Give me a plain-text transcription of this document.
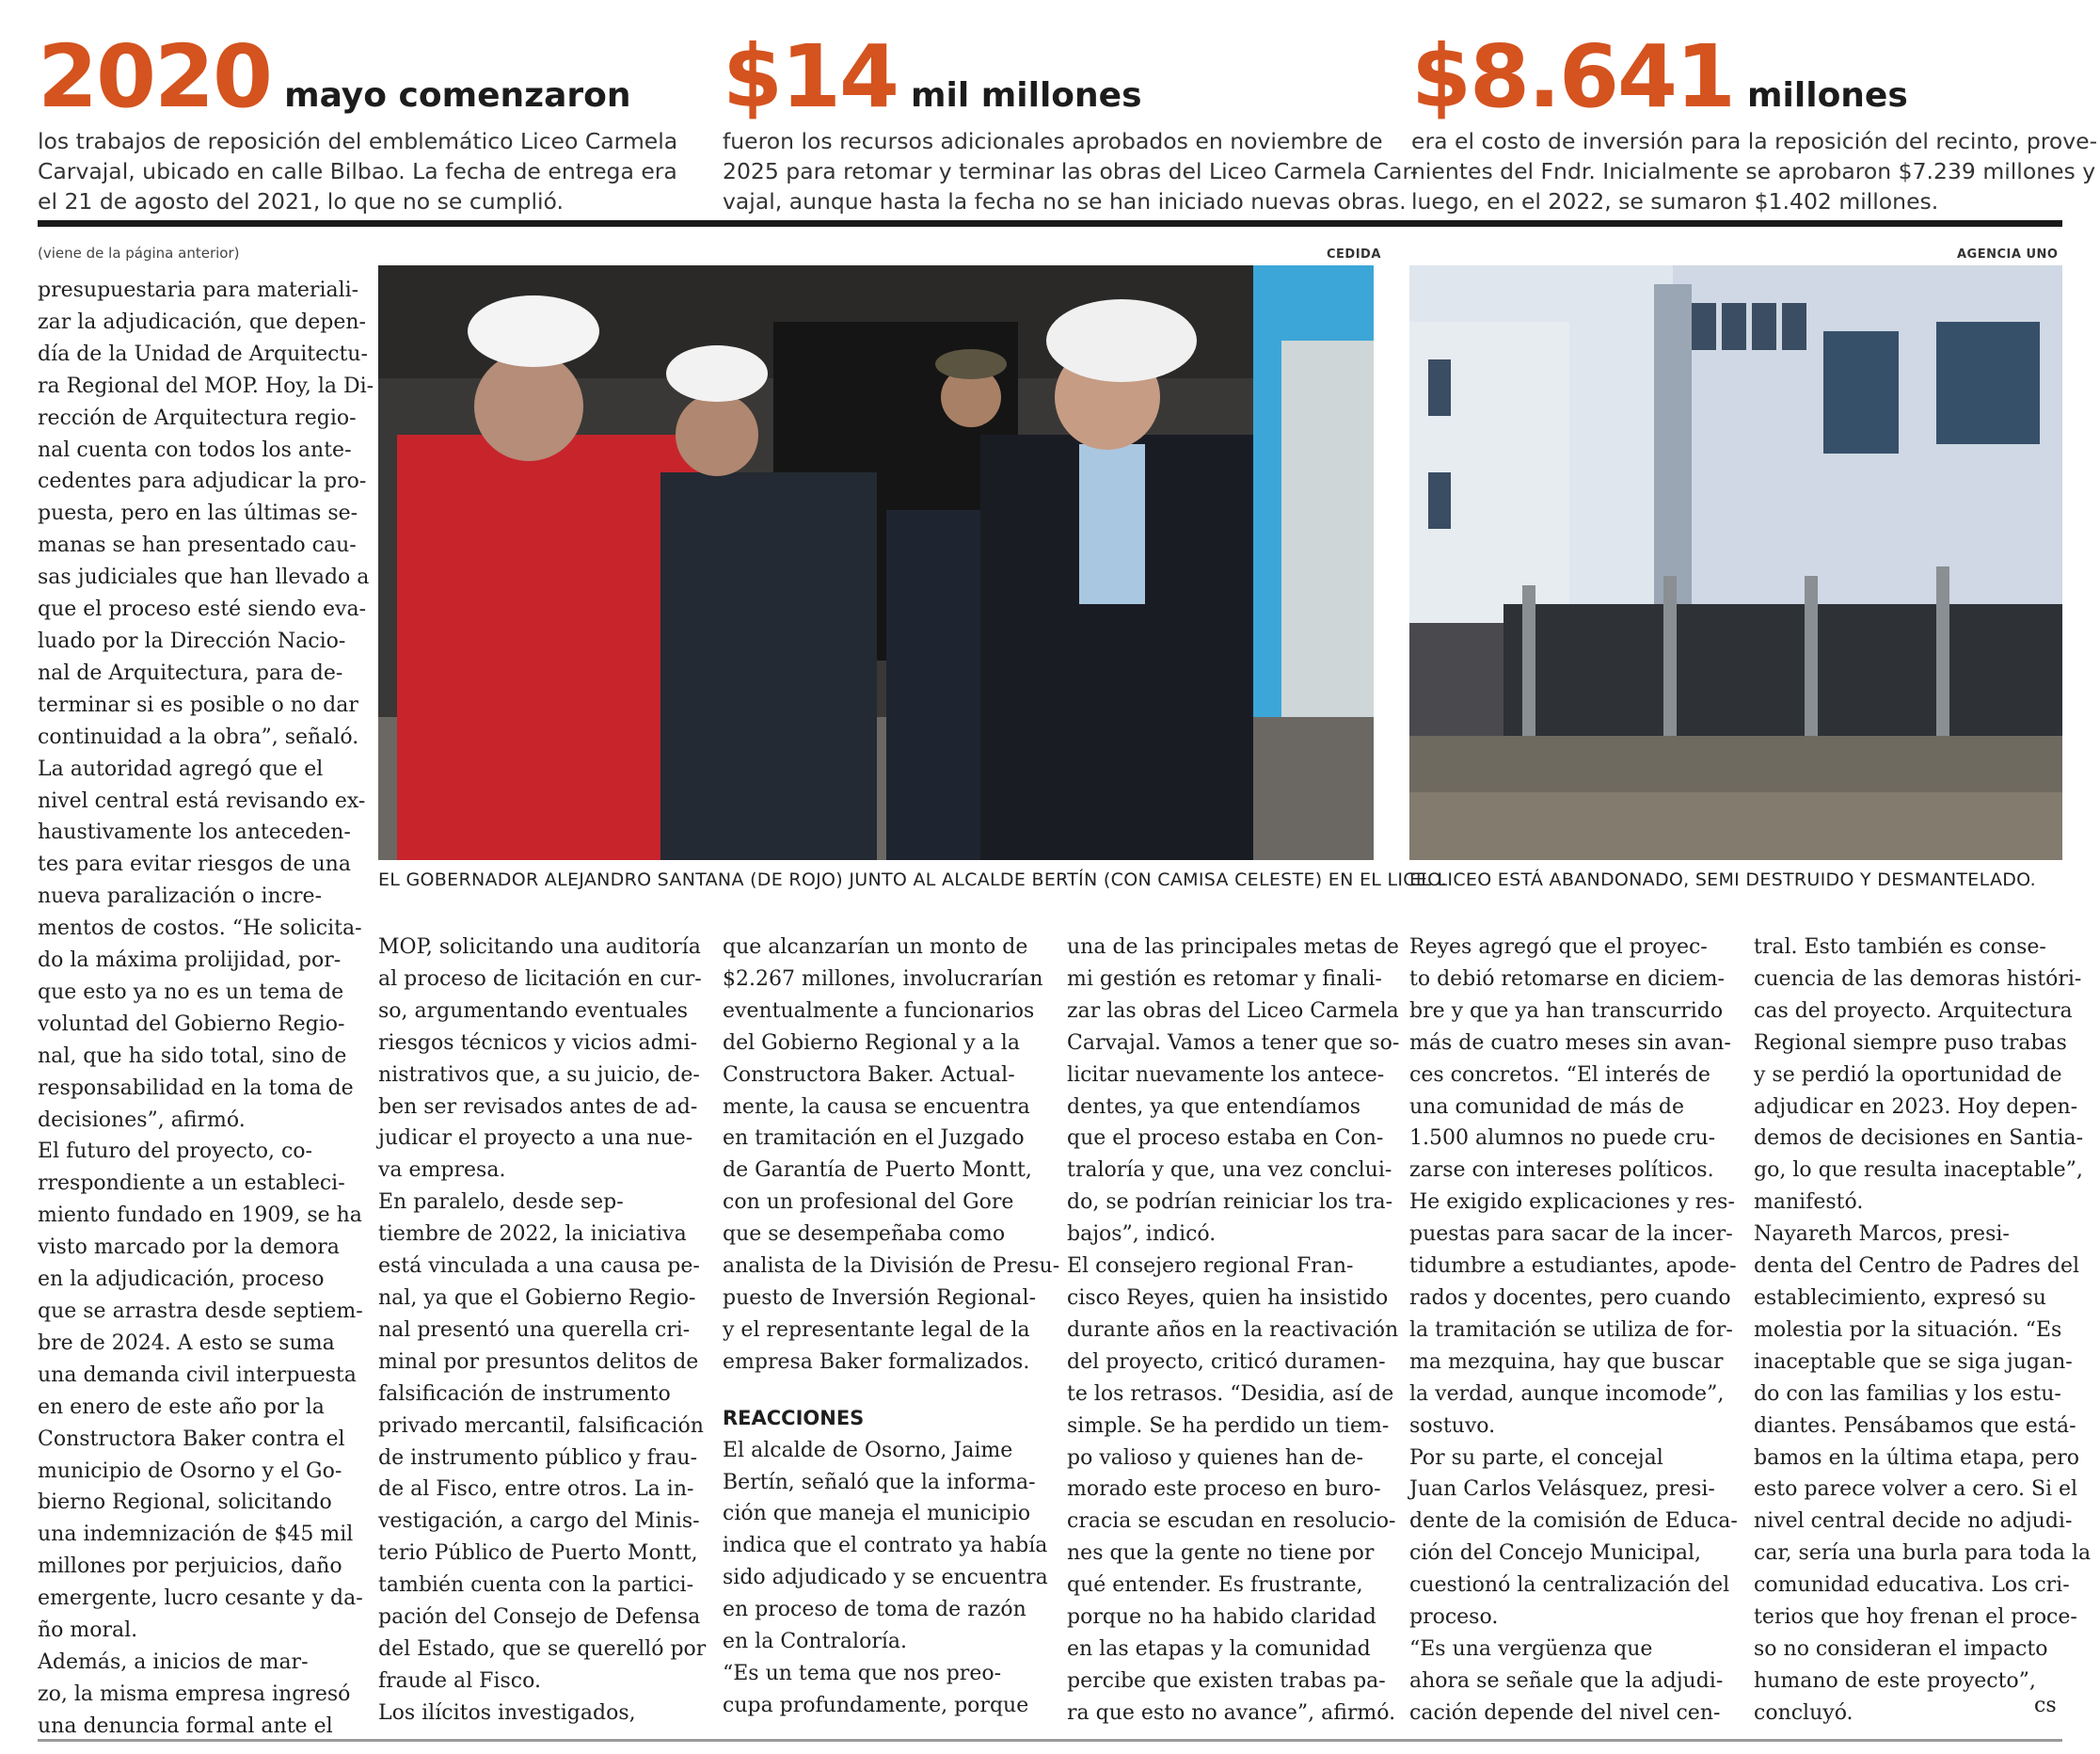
2020 mayo comenzaron
los trabajos de reposición del emblemático Liceo Carmela
Carvajal, ubicado en calle Bilbao. La fecha de entrega era
el 21 de agosto del 2021, lo que no se cumplió.
$14 mil millones
fueron los recursos adicionales aprobados en noviembre de
2025 para retomar y terminar las obras del Liceo Carmela Car-
vajal, aunque hasta la fecha no se han iniciado nuevas obras.
$8.641 millones
era el costo de inversión para la reposición del recinto, prove-
nientes del Fndr. Inicialmente se aprobaron $7.239 millones y
luego, en el 2022, se sumaron $1.402 millones.
(viene de la página anterior)	CEDIDA
EL GOBERNADOR ALEJANDRO SANTANA (DE ROJO) JUNTO AL ALCALDE BERTÍN (CON CAMISA CELESTE) EN EL LICEO.
AGENCIA UNO
EL LICEO ESTÁ ABANDONADO, SEMI DESTRUIDO Y DESMANTELADO.
presupuestaria para materiali-
zar la adjudicación, que depen-
día de la Unidad de Arquitectu-
ra Regional del MOP. Hoy, la Di-
rección de Arquitectura regio-
nal cuenta con todos los ante-
cedentes para adjudicar la pro-
puesta, pero en las últimas se-
manas se han presentado cau-
sas judiciales que han llevado a
que el proceso esté siendo eva-
luado por la Dirección Nacio-
nal de Arquitectura, para de-
terminar si es posible o no dar
continuidad a la obra”, señaló.
La autoridad agregó que el
nivel central está revisando ex-
haustivamente los anteceden-
tes para evitar riesgos de una
nueva paralización o incre-
mentos de costos. “He solicita-
do la máxima prolijidad, por-
que esto ya no es un tema de
voluntad del Gobierno Regio-
nal, que ha sido total, sino de
responsabilidad en la toma de
decisiones”, afirmó.
El futuro del proyecto, co-
rrespondiente a un estableci-
miento fundado en 1909, se ha
visto marcado por la demora
en la adjudicación, proceso
que se arrastra desde septiem-
bre de 2024. A esto se suma
una demanda civil interpuesta
en enero de este año por la
Constructora Baker contra el
municipio de Osorno y el Go-
bierno Regional, solicitando
una indemnización de $45 mil
millones por perjuicios, daño
emergente, lucro cesante y da-
ño moral.
Además, a inicios de mar-
zo, la misma empresa ingresó
una denuncia formal ante el
MOP, solicitando una auditoría
al proceso de licitación en cur-
so, argumentando eventuales
riesgos técnicos y vicios admi-
nistrativos que, a su juicio, de-
ben ser revisados antes de ad-
judicar el proyecto a una nue-
va empresa.
En paralelo, desde sep-
tiembre de 2022, la iniciativa
está vinculada a una causa pe-
nal, ya que el Gobierno Regio-
nal presentó una querella cri-
minal por presuntos delitos de
falsificación de instrumento
privado mercantil, falsificación
de instrumento público y frau-
de al Fisco, entre otros. La in-
vestigación, a cargo del Minis-
terio Público de Puerto Montt,
también cuenta con la partici-
pación del Consejo de Defensa
del Estado, que se querelló por
fraude al Fisco.
Los ilícitos investigados,
que alcanzarían un monto de
$2.267 millones, involucrarían
eventualmente a funcionarios
del Gobierno Regional y a la
Constructora Baker. Actual-
mente, la causa se encuentra
en tramitación en el Juzgado
de Garantía de Puerto Montt,
con un profesional del Gore
que se desempeñaba como
analista de la División de Presu-
puesto de Inversión Regional-
y el representante legal de la
empresa Baker formalizados.
REACCIONES
El alcalde de Osorno, Jaime
Bertín, señaló que la informa-
ción que maneja el municipio
indica que el contrato ya había
sido adjudicado y se encuentra
en proceso de toma de razón
en la Contraloría.
“Es un tema que nos preo-
cupa profundamente, porque
una de las principales metas de
mi gestión es retomar y finali-
zar las obras del Liceo Carmela
Carvajal. Vamos a tener que so-
licitar nuevamente los antece-
dentes, ya que entendíamos
que el proceso estaba en Con-
traloría y que, una vez conclui-
do, se podrían reiniciar los tra-
bajos”, indicó.
El consejero regional Fran-
cisco Reyes, quien ha insistido
durante años en la reactivación
del proyecto, criticó duramen-
te los retrasos. “Desidia, así de
simple. Se ha perdido un tiem-
po valioso y quienes han de-
morado este proceso en buro-
cracia se escudan en resolucio-
nes que la gente no tiene por
qué entender. Es frustrante,
porque no ha habido claridad
en las etapas y la comunidad
percibe que existen trabas pa-
ra que esto no avance”, afirmó.
Reyes agregó que el proyec-
to debió retomarse en diciem-
bre y que ya han transcurrido
más de cuatro meses sin avan-
ces concretos. “El interés de
una comunidad de más de
1.500 alumnos no puede cru-
zarse con intereses políticos.
He exigido explicaciones y res-
puestas para sacar de la incer-
tidumbre a estudiantes, apode-
rados y docentes, pero cuando
la tramitación se utiliza de for-
ma mezquina, hay que buscar
la verdad, aunque incomode”,
sostuvo.
Por su parte, el concejal
Juan Carlos Velásquez, presi-
dente de la comisión de Educa-
ción del Concejo Municipal,
cuestionó la centralización del
proceso.
“Es una vergüenza que
ahora se señale que la adjudi-
cación depende del nivel cen-
tral. Esto también es conse-
cuencia de las demoras históri-
cas del proyecto. Arquitectura
Regional siempre puso trabas
y se perdió la oportunidad de
adjudicar en 2023. Hoy depen-
demos de decisiones en Santia-
go, lo que resulta inaceptable”,
manifestó.
Nayareth Marcos, presi-
denta del Centro de Padres del
establecimiento, expresó su
molestia por la situación. “Es
inaceptable que se siga jugan-
do con las familias y los estu-
diantes. Pensábamos que está-
bamos en la última etapa, pero
esto parece volver a cero. Si el
nivel central decide no adjudi-
car, sería una burla para toda la
comunidad educativa. Los cri-
terios que hoy frenan el proce-
so no consideran el impacto
humano de este proyecto”,
concluyó.	cs
